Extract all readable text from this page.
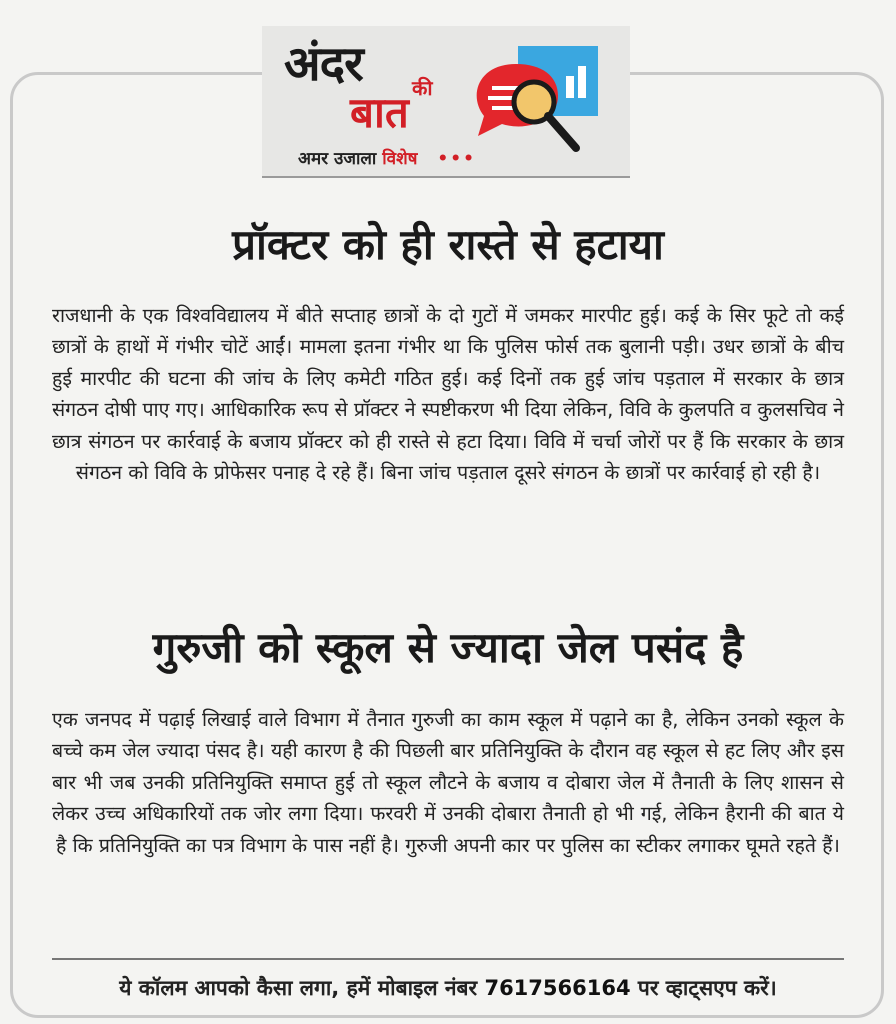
अंदर की
बात
अमर उजाला विशेष •••
प्रॉक्टर को ही रास्ते से हटाया
राजधानी के एक विश्वविद्यालय में बीते सप्ताह छात्रों के दो गुटों में जमकर मारपीट हुई। कई के सिर फूटे तो कई छात्रों के हाथों में गंभीर चोटें आईं। मामला इतना गंभीर था कि पुलिस फोर्स तक बुलानी पड़ी। उधर छात्रों के बीच हुई मारपीट की घटना की जांच के लिए कमेटी गठित हुई। कई दिनों तक हुई जांच पड़ताल में सरकार के छात्र संगठन दोषी पाए गए। आधिकारिक रूप से प्रॉक्टर ने स्पष्टीकरण भी दिया लेकिन, विवि के कुलपति व कुलसचिव ने छात्र संगठन पर कार्रवाई के बजाय प्रॉक्टर को ही रास्ते से हटा दिया। विवि में चर्चा जोरों पर हैं कि सरकार के छात्र संगठन को विवि के प्रोफेसर पनाह दे रहे हैं। बिना जांच पड़ताल दूसरे संगठन के छात्रों पर कार्रवाई हो रही है।
गुरुजी को स्कूल से ज्यादा जेल पसंद है
एक जनपद में पढ़ाई लिखाई वाले विभाग में तैनात गुरुजी का काम स्कूल में पढ़ाने का है, लेकिन उनको स्कूल के बच्चे कम जेल ज्यादा पंसद है। यही कारण है की पिछली बार प्रतिनियुक्ति के दौरान वह स्कूल से हट लिए और इस बार भी जब उनकी प्रतिनियुक्ति समाप्त हुई तो स्कूल लौटने के बजाय व दोबारा जेल में तैनाती के लिए शासन से लेकर उच्च अधिकारियों तक जोर लगा दिया। फरवरी में उनकी दोबारा तैनाती हो भी गई, लेकिन हैरानी की बात ये है कि प्रतिनियुक्ति का पत्र विभाग के पास नहीं है। गुरुजी अपनी कार पर पुलिस का स्टीकर लगाकर घूमते रहते हैं।
ये कॉलम आपको कैसा लगा, हमें मोबाइल नंबर 7617566164 पर व्हाट्सएप करें।
